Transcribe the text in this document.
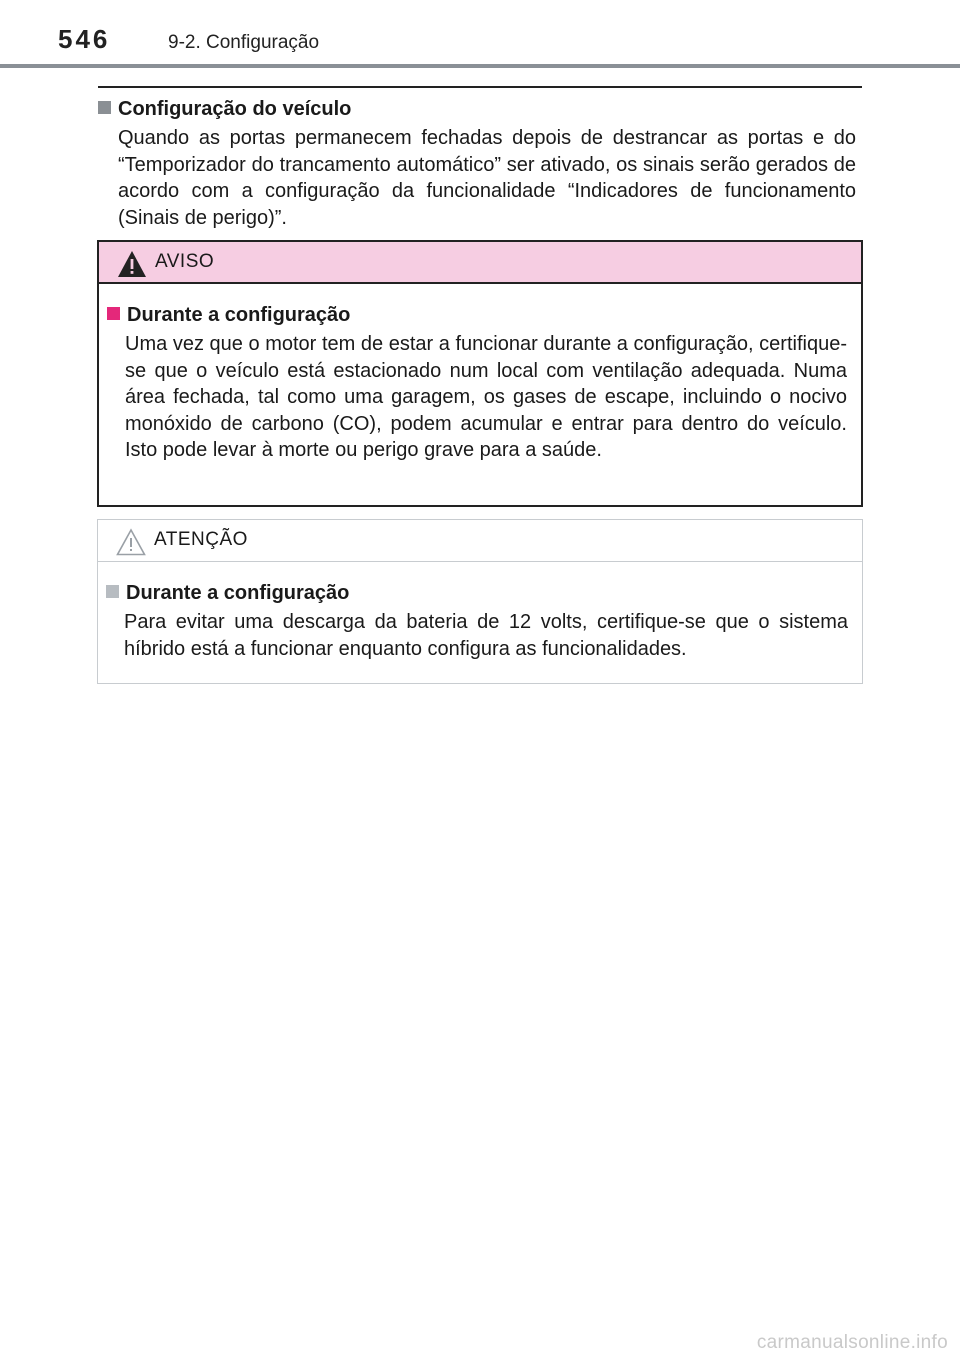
546	9-2. Configuração

Configuração do veículo

Quando as portas permanecem fechadas depois de destrancar as portas e do “Temporizador do trancamento automático” ser ativado, os sinais serão gerados de acordo com a configuração da funcionalidade “Indicadores de funcionamento (Sinais de perigo)”.

AVISO

Durante a configuração

Uma vez que o motor tem de estar a funcionar durante a configuração, certifique-se que o veículo está estacionado num local com ventilação adequada. Numa área fechada, tal como uma garagem, os gases de escape, incluindo o nocivo monóxido de carbono (CO), podem acumular e entrar para dentro do veículo. Isto pode levar à morte ou perigo grave para a saúde.

ATENÇÃO

Durante a configuração

Para evitar uma descarga da bateria de 12 volts, certifique-se que o sistema híbrido está a funcionar enquanto configura as funcionalidades.

carmanualsonline.info
